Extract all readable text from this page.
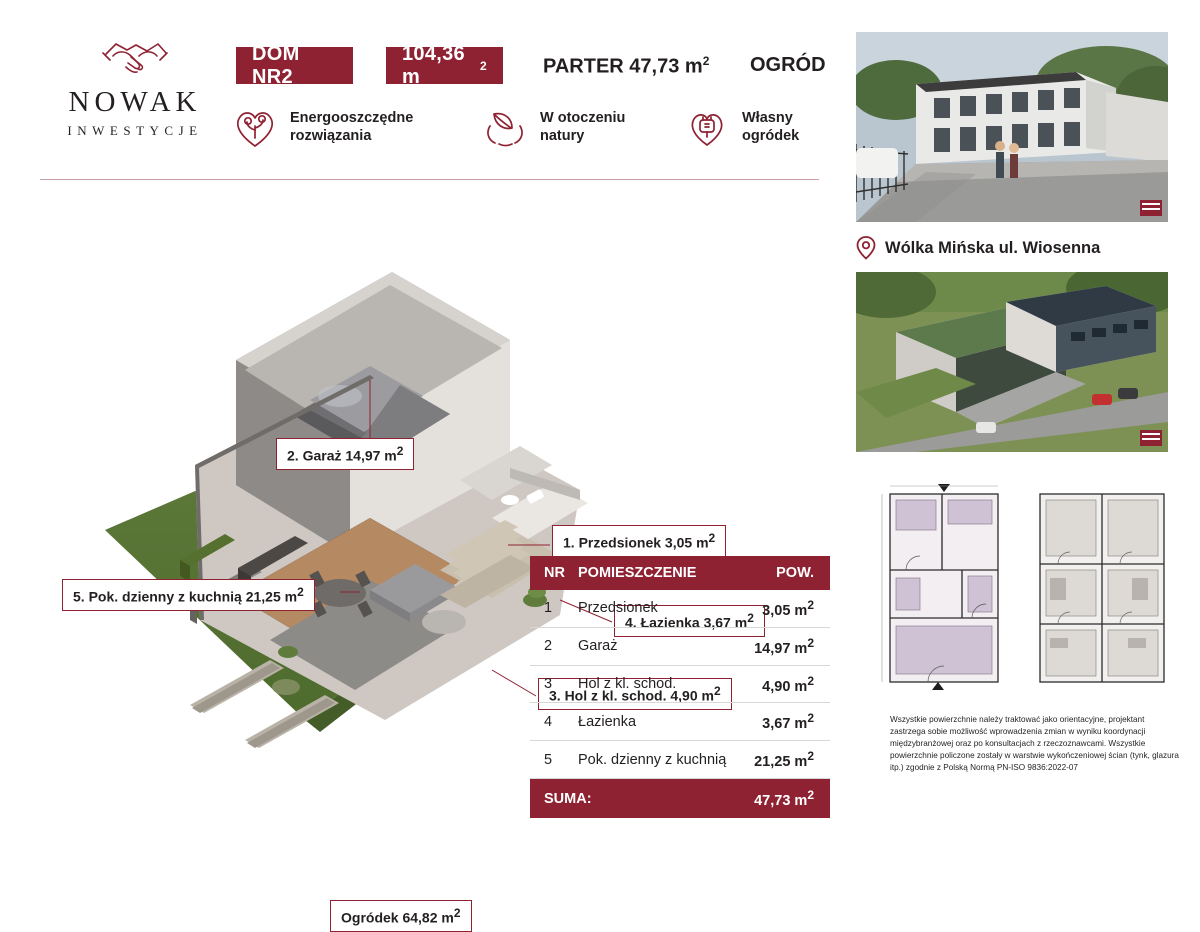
NOWAK
INWESTYCJE
DOM NR2
104,36 m	2	PARTER 47,73 $m^2$ OGRÓD
Energooszczędne
rozwiązania
W otoczeniu
natury
Własny
ogródek
2. Garaż 14,97 m2
1. Przedsionek 3,05 m2
5. Pok. dzienny z kuchnią 21,25 m2
4. Łazienka 3,67 m2
3. Hol z kl. schod. 4,90 m2
Ogródek 64,82 m2
NR	POMIESZCZENIE	POW.
1	Przedsionek	3,05 $m^2$
2	Garaż	14,97 $m^2$
3	Hol z kl. schod.	4,90 $m^2$
4	Łazienka	3,67 $m^2$
5	Pok. dzienny z kuchnią	21,25 $m^2$
SUMA:		47,73 $m^2$
Wólka Mińska ul. Wiosenna
Wszystkie powierzchnie należy traktować jako orientacyjne, projektant zastrzega sobie możliwość wprowadzenia zmian w wyniku koordynacji międzybranżowej oraz po konsultacjach z rzeczoznawcami. Wszystkie powierzchnie policzone zostały w warstwie wykończeniowej ścian (tynk, glazura itp.) zgodnie z Polską Normą PN-ISO 9836:2022-07
